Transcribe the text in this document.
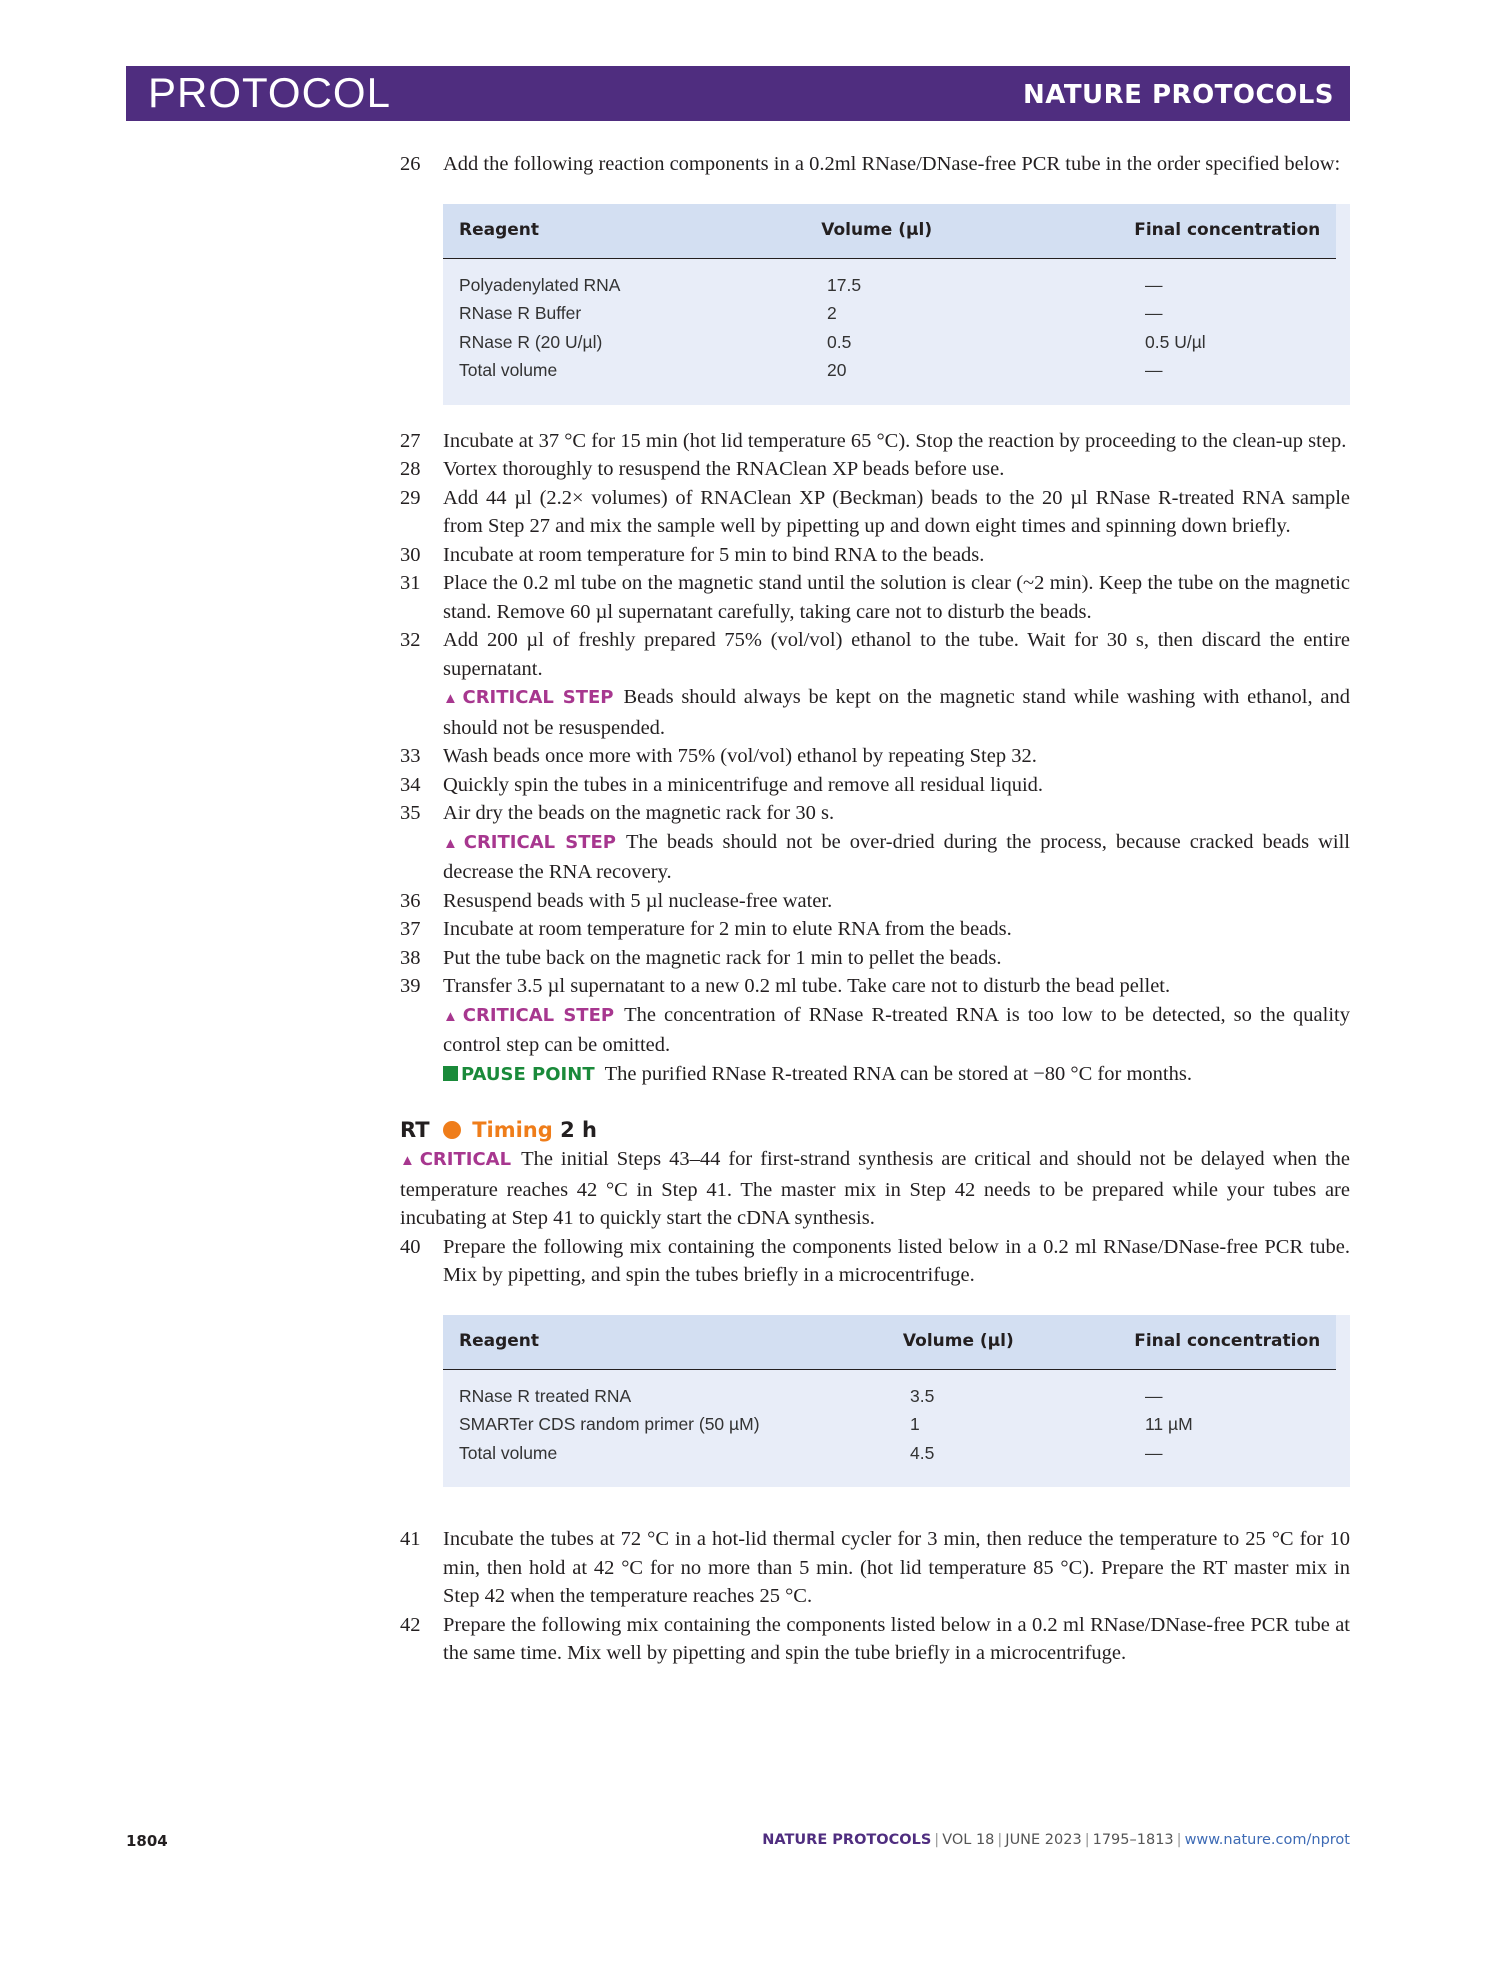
PROTOCOL	NATURE PROTOCOLS
26	Add the following reaction components in a 0.2ml RNase/DNase-free PCR tube in the order specified below:
Reagent	Volume (µl)	Final concentration
Polyadenylated RNA	17.5	—
RNase R Buffer	2	—
RNase R (20 U/µl)	0.5	0.5 U/µl
Total volume	20	—
27	Incubate at 37 °C for 15 min (hot lid temperature 65 °C). Stop the reaction by proceeding to the clean-up step.
28	Vortex thoroughly to resuspend the RNAClean XP beads before use.
29	Add 44 µl (2.2× volumes) of RNAClean XP (Beckman) beads to the 20 µl RNase R-treated RNA sample from Step 27 and mix the sample well by pipetting up and down eight times and spinning down briefly.
30	Incubate at room temperature for 5 min to bind RNA to the beads.
31	Place the 0.2 ml tube on the magnetic stand until the solution is clear (~2 min). Keep the tube on the magnetic stand. Remove 60 µl supernatant carefully, taking care not to disturb the beads.
32	Add 200 µl of freshly prepared 75% (vol/vol) ethanol to the tube. Wait for 30 s, then discard the entire supernatant.
▲ CRITICAL STEP Beads should always be kept on the magnetic stand while washing with ethanol, and should not be resuspended.
33	Wash beads once more with 75% (vol/vol) ethanol by repeating Step 32.
34	Quickly spin the tubes in a minicentrifuge and remove all residual liquid.
35	Air dry the beads on the magnetic rack for 30 s.
▲ CRITICAL STEP The beads should not be over-dried during the process, because cracked beads will decrease the RNA recovery.
36	Resuspend beads with 5 µl nuclease-free water.
37	Incubate at room temperature for 2 min to elute RNA from the beads.
38	Put the tube back on the magnetic rack for 1 min to pellet the beads.
39	Transfer 3.5 µl supernatant to a new 0.2 ml tube. Take care not to disturb the bead pellet.
▲ CRITICAL STEP The concentration of RNase R-treated RNA is too low to be detected, so the quality control step can be omitted.
PAUSE POINT The purified RNase R-treated RNA can be stored at −80 °C for months.
RT Timing 2 h
▲ CRITICAL The initial Steps 43–44 for first-strand synthesis are critical and should not be delayed when the temperature reaches 42 °C in Step 41. The master mix in Step 42 needs to be prepared while your tubes are incubating at Step 41 to quickly start the cDNA synthesis.
40	Prepare the following mix containing the components listed below in a 0.2 ml RNase/DNase-free PCR tube. Mix by pipetting, and spin the tubes briefly in a microcentrifuge.
Reagent	Volume (µl)	Final concentration
RNase R treated RNA	3.5	—
SMARTer CDS random primer (50 µM)	1	11 µM
Total volume	4.5	—
41	Incubate the tubes at 72 °C in a hot-lid thermal cycler for 3 min, then reduce the temperature to 25 °C for 10 min, then hold at 42 °C for no more than 5 min. (hot lid temperature 85 °C). Prepare the RT master mix in Step 42 when the temperature reaches 25 °C.
42	Prepare the following mix containing the components listed below in a 0.2 ml RNase/DNase-free PCR tube at the same time. Mix well by pipetting and spin the tube briefly in a microcentrifuge.
1804	NATURE PROTOCOLS | VOL 18 | JUNE 2023 | 1795–1813 | www.nature.com/nprot
